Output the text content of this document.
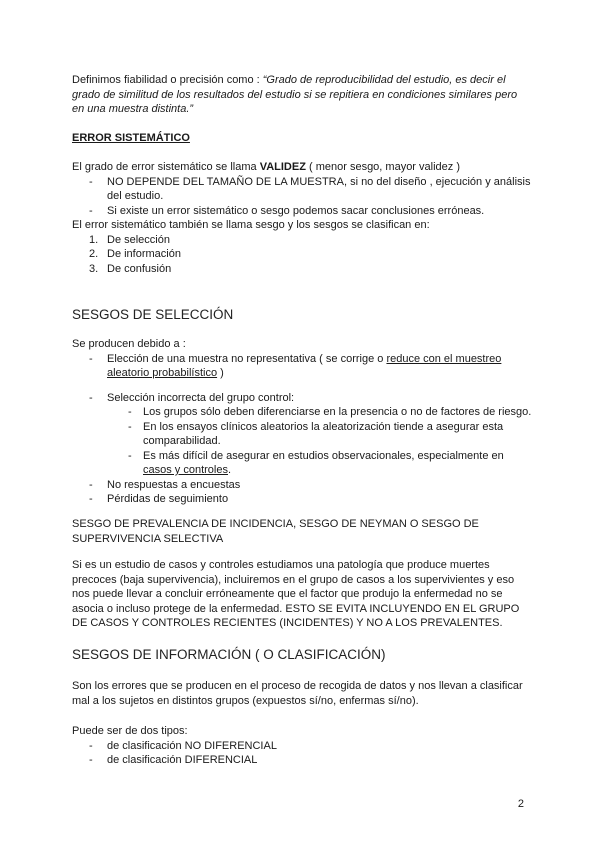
Definimos fiabilidad o precisión como : “Grado de reproducibilidad del estudio, es decir el grado de similitud de los resultados del estudio si se repitiera en condiciones similares pero en una muestra distinta.”

ERROR SISTEMÁTICO

El grado de error sistemático se llama VALIDEZ ( menor sesgo, mayor validez )

- NO DEPENDE DEL TAMAÑO DE LA MUESTRA, si no del diseño , ejecución y análisis del estudio.
- Si existe un error sistemático o sesgo podemos sacar conclusiones erróneas.

El error sistemático también se llama sesgo y los sesgos se clasifican en:

1. De selección
2. De información
3. De confusión

SESGOS DE SELECCIÓN

Se producen debido a :

- Elección de una muestra no representativa ( se corrige o reduce con el muestreo aleatorio probabilístico )
- Selección incorrecta del grupo control:
- Los grupos sólo deben diferenciarse en la presencia o no de factores de riesgo.
- En los ensayos clínicos aleatorios la aleatorización tiende a asegurar esta comparabilidad.
- Es más difícil de asegurar en estudios observacionales, especialmente en casos y controles.
- No respuestas a encuestas
- Pérdidas de seguimiento

SESGO DE PREVALENCIA DE INCIDENCIA, SESGO DE NEYMAN O SESGO DE SUPERVIVENCIA SELECTIVA

Si es un estudio de casos y controles estudiamos una patología que produce muertes precoces (baja supervivencia), incluiremos en el grupo de casos a los supervivientes y eso nos puede llevar a concluir erróneamente que el factor que produjo la enfermedad no se asocia o incluso protege de la enfermedad. ESTO SE EVITA INCLUYENDO EN EL GRUPO DE CASOS Y CONTROLES RECIENTES (INCIDENTES) Y NO A LOS PREVALENTES.

SESGOS DE INFORMACIÓN ( O CLASIFICACIÓN)

Son los errores que se producen en el proceso de recogida de datos y nos llevan a clasificar mal a los sujetos en distintos grupos (expuestos sí/no, enfermas sí/no).

Puede ser de dos tipos:

- de clasificación NO DIFERENCIAL
- de clasificación DIFERENCIAL
2
